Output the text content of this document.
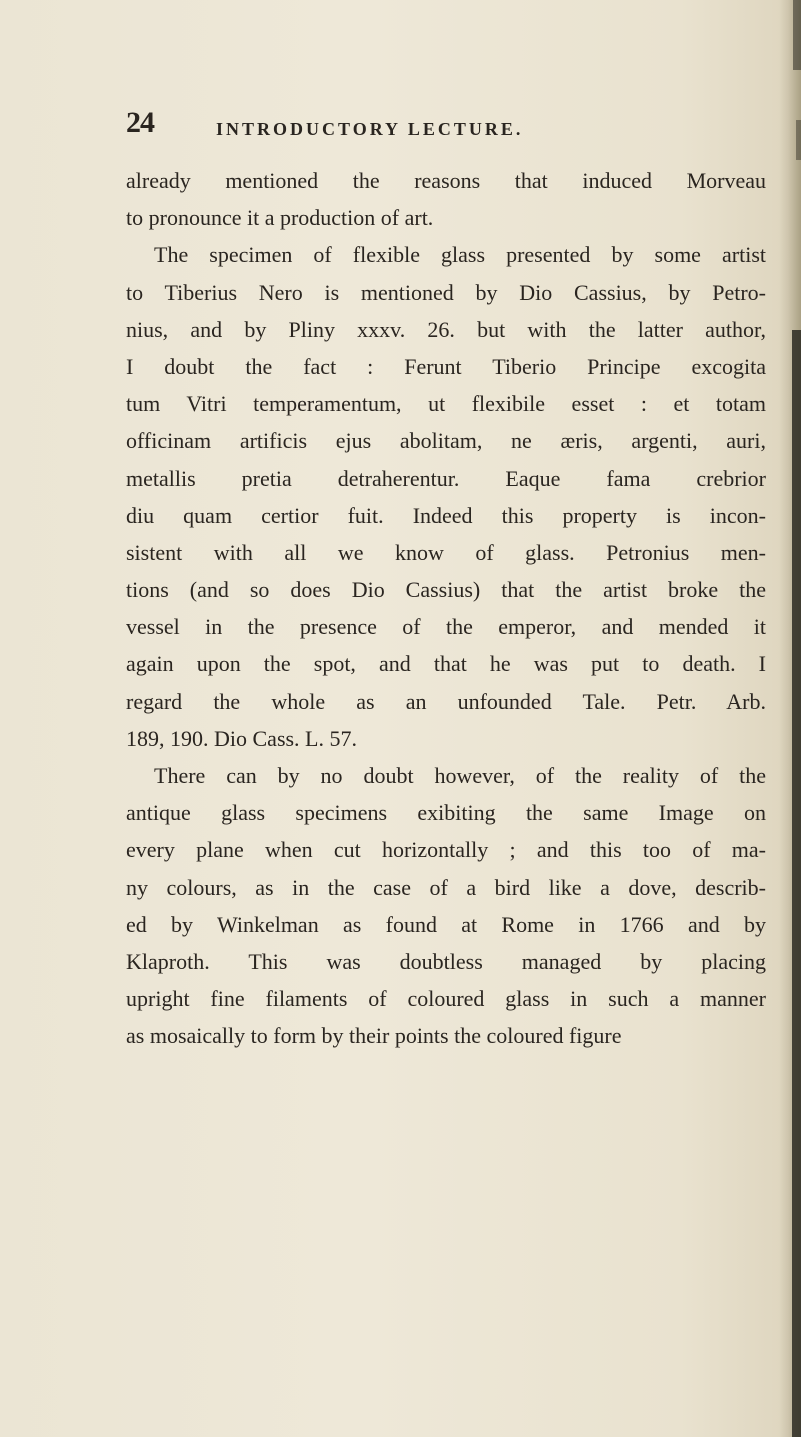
24	INTRODUCTORY LECTURE.
already mentioned the reasons that induced Morveau
to pronounce it a production of art.
The specimen of flexible glass presented by some artist
to Tiberius Nero is mentioned by Dio Cassius, by Petro-
nius, and by Pliny xxxv. 26. but with the latter author,
I doubt the fact : Ferunt Tiberio Principe excogita
tum Vitri temperamentum, ut flexibile esset : et totam
officinam artificis ejus abolitam, ne æris, argenti, auri,
metallis pretia detraherentur. Eaque fama crebrior
diu quam certior fuit. Indeed this property is incon-
sistent with all we know of glass. Petronius men-
tions (and so does Dio Cassius) that the artist broke the
vessel in the presence of the emperor, and mended it
again upon the spot, and that he was put to death. I
regard the whole as an unfounded Tale. Petr. Arb.
189, 190. Dio Cass. L. 57.
There can by no doubt however, of the reality of the
antique glass specimens exibiting the same Image on
every plane when cut horizontally ; and this too of ma-
ny colours, as in the case of a bird like a dove, describ-
ed by Winkelman as found at Rome in 1766 and by
Klaproth. This was doubtless managed by placing
upright fine filaments of coloured glass in such a manner
as mosaically to form by their points the coloured figure
